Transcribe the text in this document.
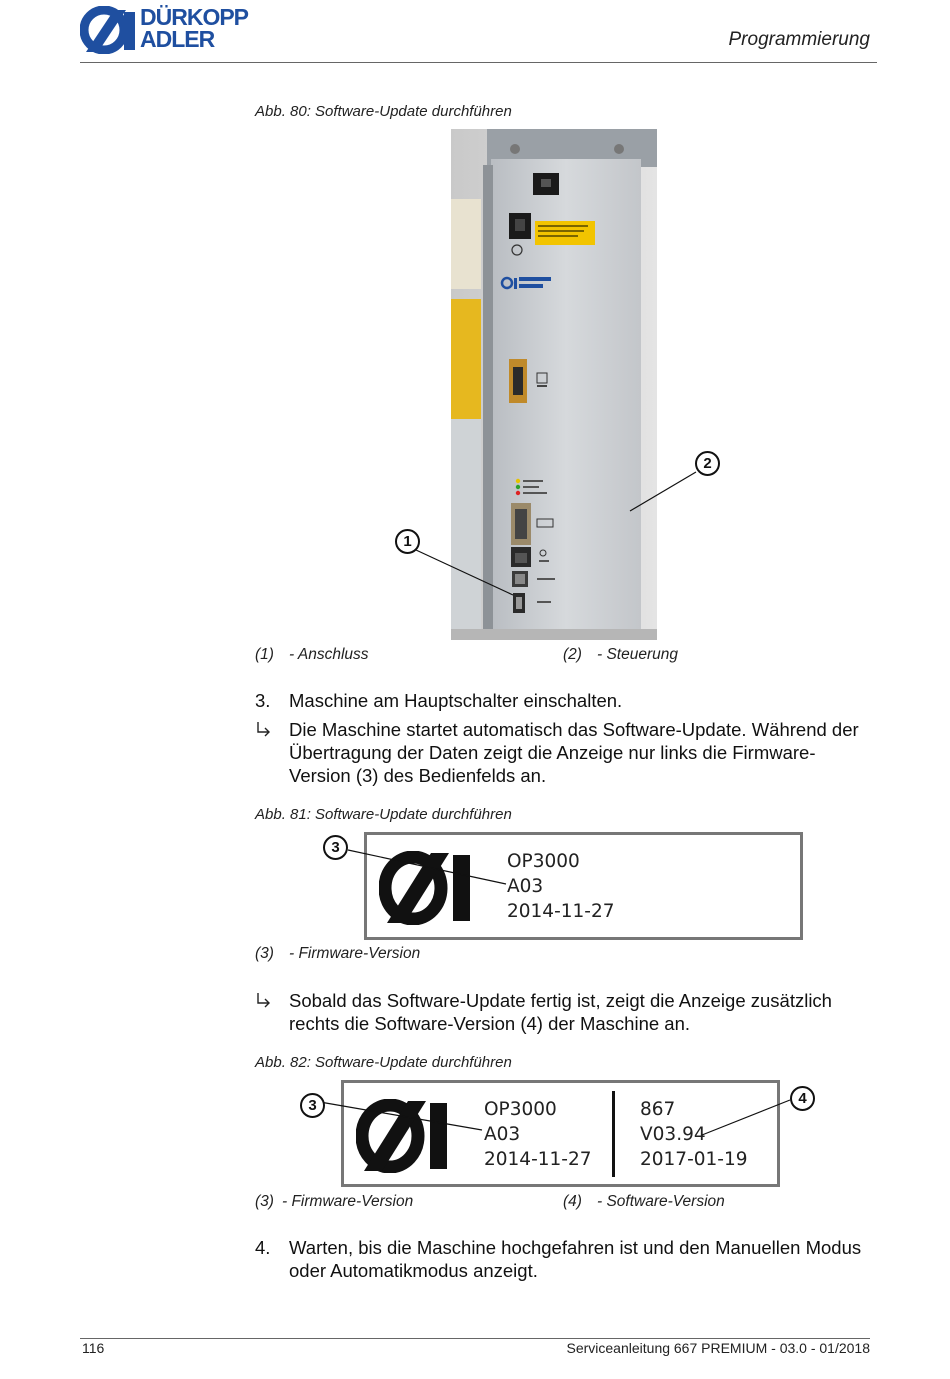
DÜRKOPP
ADLER	Programmierung
Abb. 80: Software-Update durchführen
1
2
(1) - Anschluss	(2) - Steuerung
3. Maschine am Hauptschalter einschalten.
Die Maschine startet automatisch das Software-Update. Während der Übertragung der Daten zeigt die Anzeige nur links die Firmware-Version (3) des Bedienfelds an.
Abb. 81: Software-Update durchführen
OP3000
A03
2014-11-27
3
(3) - Firmware-Version
Sobald das Software-Update fertig ist, zeigt die Anzeige zusätzlich rechts die Software-Version (4) der Maschine an.
Abb. 82: Software-Update durchführen
OP3000
A03
2014-11-27
867
V03.94
2017-01-19
3	4
(3) - Firmware-Version	(4) - Software-Version
4. Warten, bis die Maschine hochgefahren ist und den Manuellen Modus oder Automatikmodus anzeigt.
116	Serviceanleitung 667 PREMIUM - 03.0 - 01/2018
